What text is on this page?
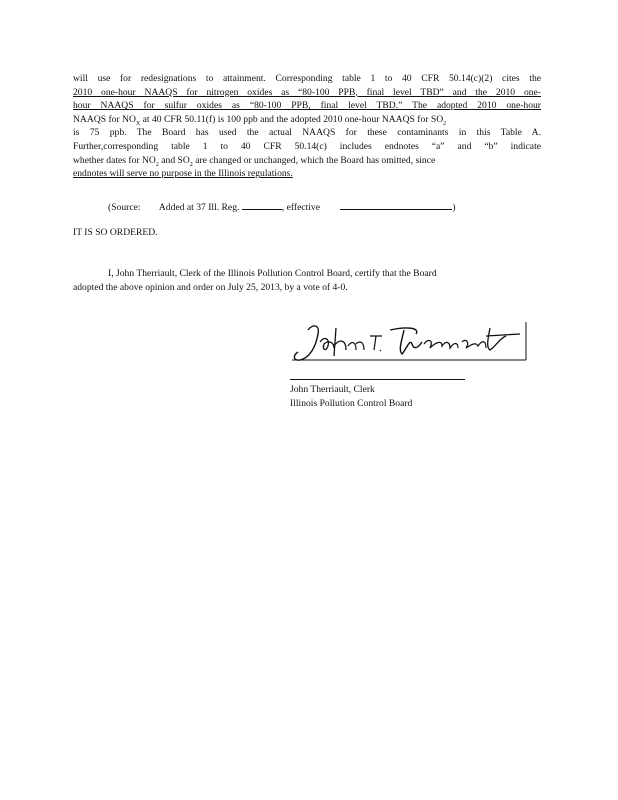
will use for redesignations to attainment. Corresponding table 1 to 40 CFR 50.14(c)(2) cites the
2010 one-hour NAAQS for nitrogen oxides as “80-100 PPB, final level TBD” and the 2010 one-
hour NAAQS for sulfur oxides as “80-100 PPB, final level TBD.” The adopted 2010 one-hour
NAAQS for $NO_X$ at 40 CFR 50.11(f) is 100 ppb and the adopted 2010 one-hour NAAQS for $SO_2$
is 75 ppb. The Board has used the actual NAAQS for these contaminants in this Table A.
Further,corresponding table 1 to 40 CFR 50.14(c) includes endnotes “a” and “b” indicate
whether dates for $NO_2$ and $SO_2$ are changed or unchanged, which the Board has omitted, since
endnotes will serve no purpose in the Illinois regulations.
(Source: Added at 37 Ill. Reg.	, effective	)
IT IS SO ORDERED.
I, John Therriault, Clerk of the Illinois Pollution Control Board, certify that the Board
adopted the above opinion and order on July 25, 2013, by a vote of 4-0.
John Therriault, Clerk
Illinois Pollution Control Board
